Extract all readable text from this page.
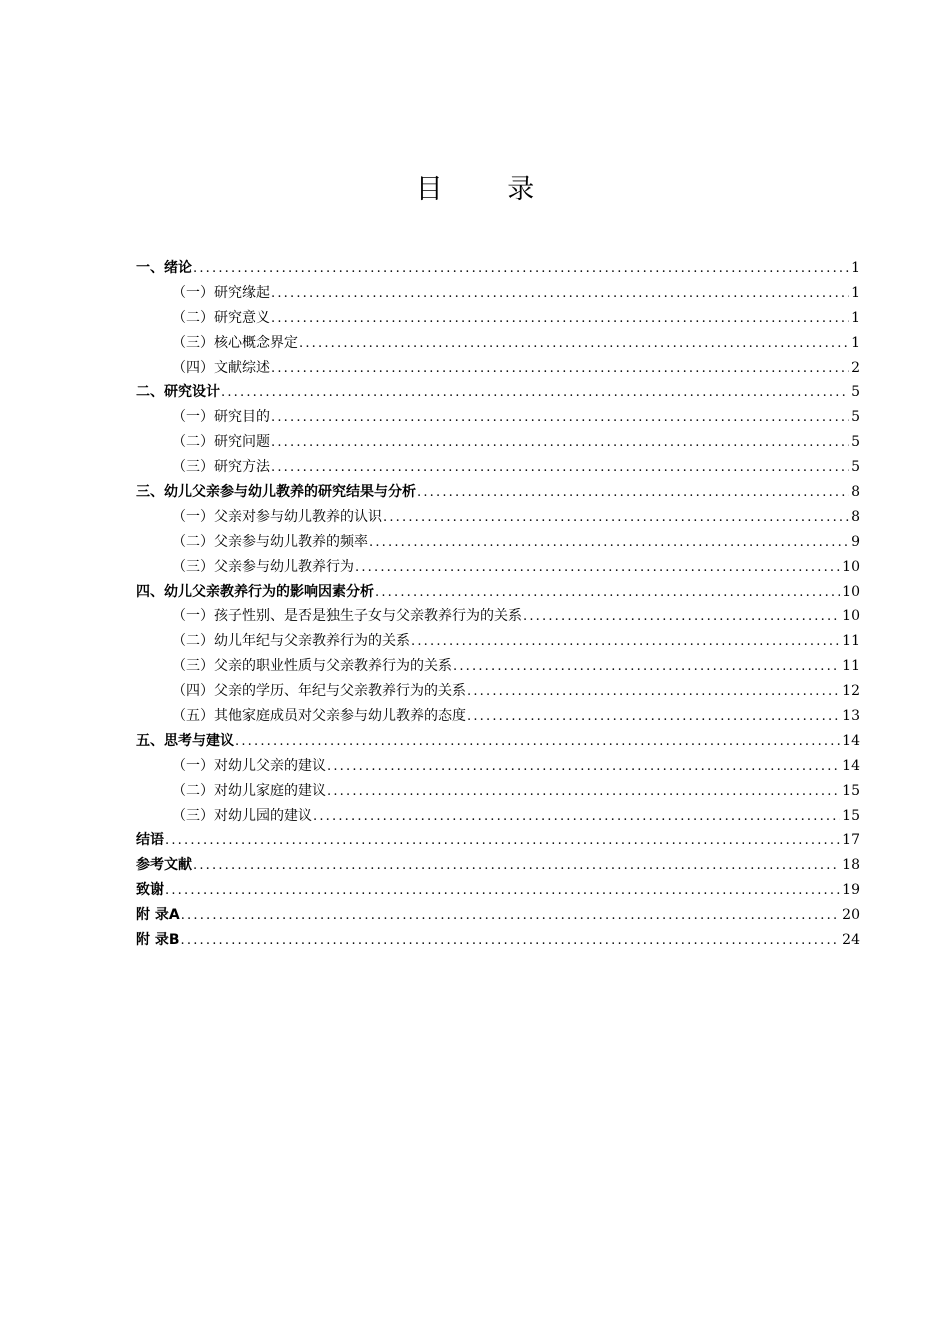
目 录
一、绪论 .....	1
（一）研究缘起 .....	1
（二）研究意义 .....	1
（三）核心概念界定 .....	1
（四）文献综述 .....	2
二、研究设计 .....	5
（一）研究目的 .....	5
（二）研究问题 .....	5
（三）研究方法 .....	5
三、幼儿父亲参与幼儿教养的研究结果与分析 .....	8
（一）父亲对参与幼儿教养的认识 .....	8
（二）父亲参与幼儿教养的频率 .....	9
（三）父亲参与幼儿教养行为 .....	10
四、幼儿父亲教养行为的影响因素分析 .....	10
（一）孩子性别、是否是独生子女与父亲教养行为的关系 .....	10
（二）幼儿年纪与父亲教养行为的关系 .....	11
（三）父亲的职业性质与父亲教养行为的关系 .....	11
（四）父亲的学历、年纪与父亲教养行为的关系 .....	12
（五）其他家庭成员对父亲参与幼儿教养的态度 .....	13
五、思考与建议 .....	14
（一）对幼儿父亲的建议 .....	14
（二）对幼儿家庭的建议 .....	15
（三）对幼儿园的建议 .....	15
结语 .....	17
参考文献 .....	18
致谢 .....	19
附 录A .....	20
附 录B .....	24
